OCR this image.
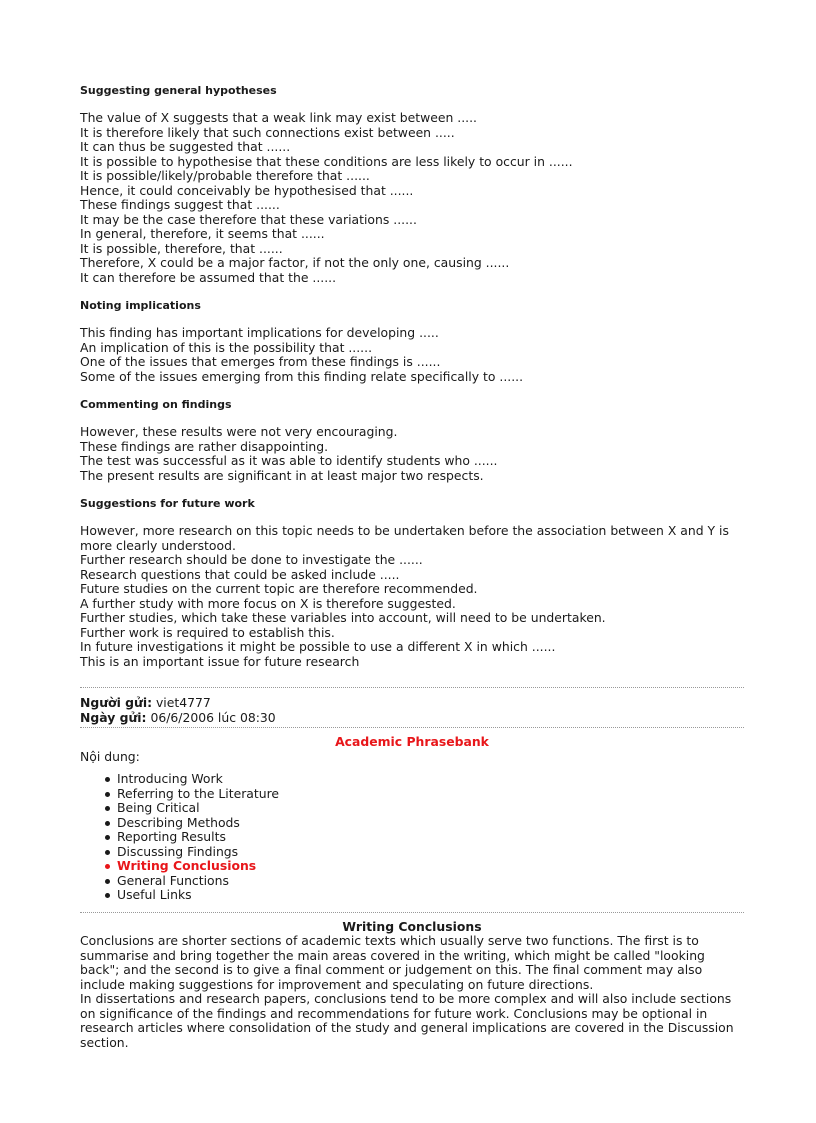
Suggesting general hypotheses
The value of X suggests that a weak link may exist between .....
It is therefore likely that such connections exist between .....
It can thus be suggested that ......
It is possible to hypothesise that these conditions are less likely to occur in ......
It is possible/likely/probable therefore that ......
Hence, it could conceivably be hypothesised that ......
These findings suggest that ......
It may be the case therefore that these variations ......
In general, therefore, it seems that ......
It is possible, therefore, that ......
Therefore, X could be a major factor, if not the only one, causing ......
It can therefore be assumed that the ......
Noting implications
This finding has important implications for developing .....
An implication of this is the possibility that ......
One of the issues that emerges from these findings is ......
Some of the issues emerging from this finding relate specifically to ......
Commenting on findings
However, these results were not very encouraging.
These findings are rather disappointing.
The test was successful as it was able to identify students who ......
The present results are significant in at least major two respects.
Suggestions for future work
However, more research on this topic needs to be undertaken before the association between X and Y is more clearly understood.
Further research should be done to investigate the ......
Research questions that could be asked include .....
Future studies on the current topic are therefore recommended.
A further study with more focus on X is therefore suggested.
Further studies, which take these variables into account, will need to be undertaken.
Further work is required to establish this.
In future investigations it might be possible to use a different X in which ......
This is an important issue for future research
Người gửi: viet4777
Ngày gửi: 06/6/2006 lúc 08:30
Academic Phrasebank
Nội dung:
Introducing Work
Referring to the Literature
Being Critical
Describing Methods
Reporting Results
Discussing Findings
Writing Conclusions
General Functions
Useful Links
Writing Conclusions
Conclusions are shorter sections of academic texts which usually serve two functions. The first is to summarise and bring together the main areas covered in the writing, which might be called "looking back"; and the second is to give a final comment or judgement on this. The final comment may also include making suggestions for improvement and speculating on future directions.
In dissertations and research papers, conclusions tend to be more complex and will also include sections on significance of the findings and recommendations for future work. Conclusions may be optional in research articles where consolidation of the study and general implications are covered in the Discussion section.
